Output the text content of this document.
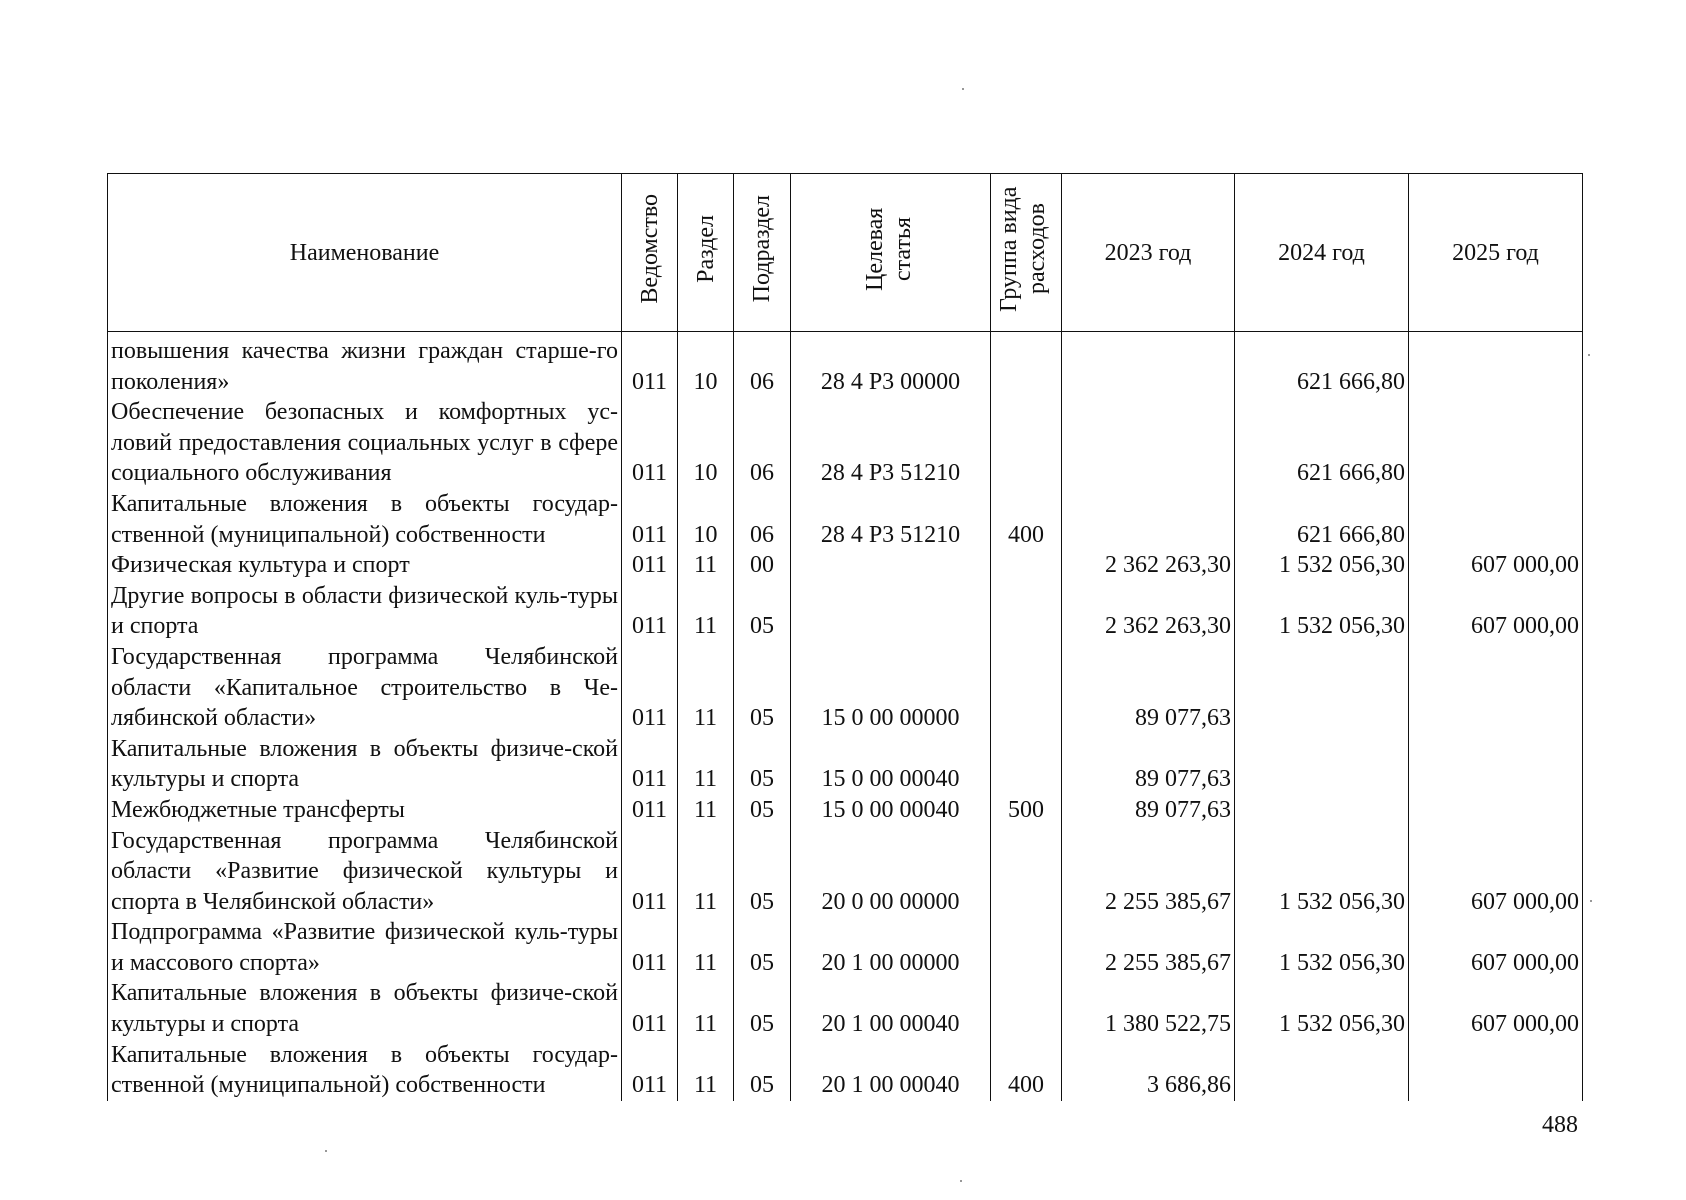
Наименование	Ведомство	Раздел	Подраздел	Целевая статья	Группа вида расходов	2023 год	2024 год	2025 год
повышения качества жизни граждан старше-го поколения»	011	10	06	28 4 Р3 00000			621 666,80	
Обеспечение безопасных и комфортных ус-ловий предоставления социальных услуг в сфере социального обслуживания	011	10	06	28 4 Р3 51210			621 666,80	
Капитальные вложения в объекты государ-ственной (муниципальной) собственности	011	10	06	28 4 Р3 51210	400		621 666,80	
Физическая культура и спорт	011	11	00			2 362 263,30	1 532 056,30	607 000,00
Другие вопросы в области физической куль-туры и спорта	011	11	05			2 362 263,30	1 532 056,30	607 000,00
Государственная программа Челябинской области «Капитальное строительство в Че-лябинской области»	011	11	05	15 0 00 00000		89 077,63		
Капитальные вложения в объекты физиче-ской культуры и спорта	011	11	05	15 0 00 00040		89 077,63		
Межбюджетные трансферты	011	11	05	15 0 00 00040	500	89 077,63		
Государственная программа Челябинской области «Развитие физической культуры и спорта в Челябинской области»	011	11	05	20 0 00 00000		2 255 385,67	1 532 056,30	607 000,00
Подпрограмма «Развитие физической куль-туры и массового спорта»	011	11	05	20 1 00 00000		2 255 385,67	1 532 056,30	607 000,00
Капитальные вложения в объекты физиче-ской культуры и спорта	011	11	05	20 1 00 00040		1 380 522,75	1 532 056,30	607 000,00
Капитальные вложения в объекты государ-ственной (муниципальной) собственности	011	11	05	20 1 00 00040	400	3 686,86		
488
